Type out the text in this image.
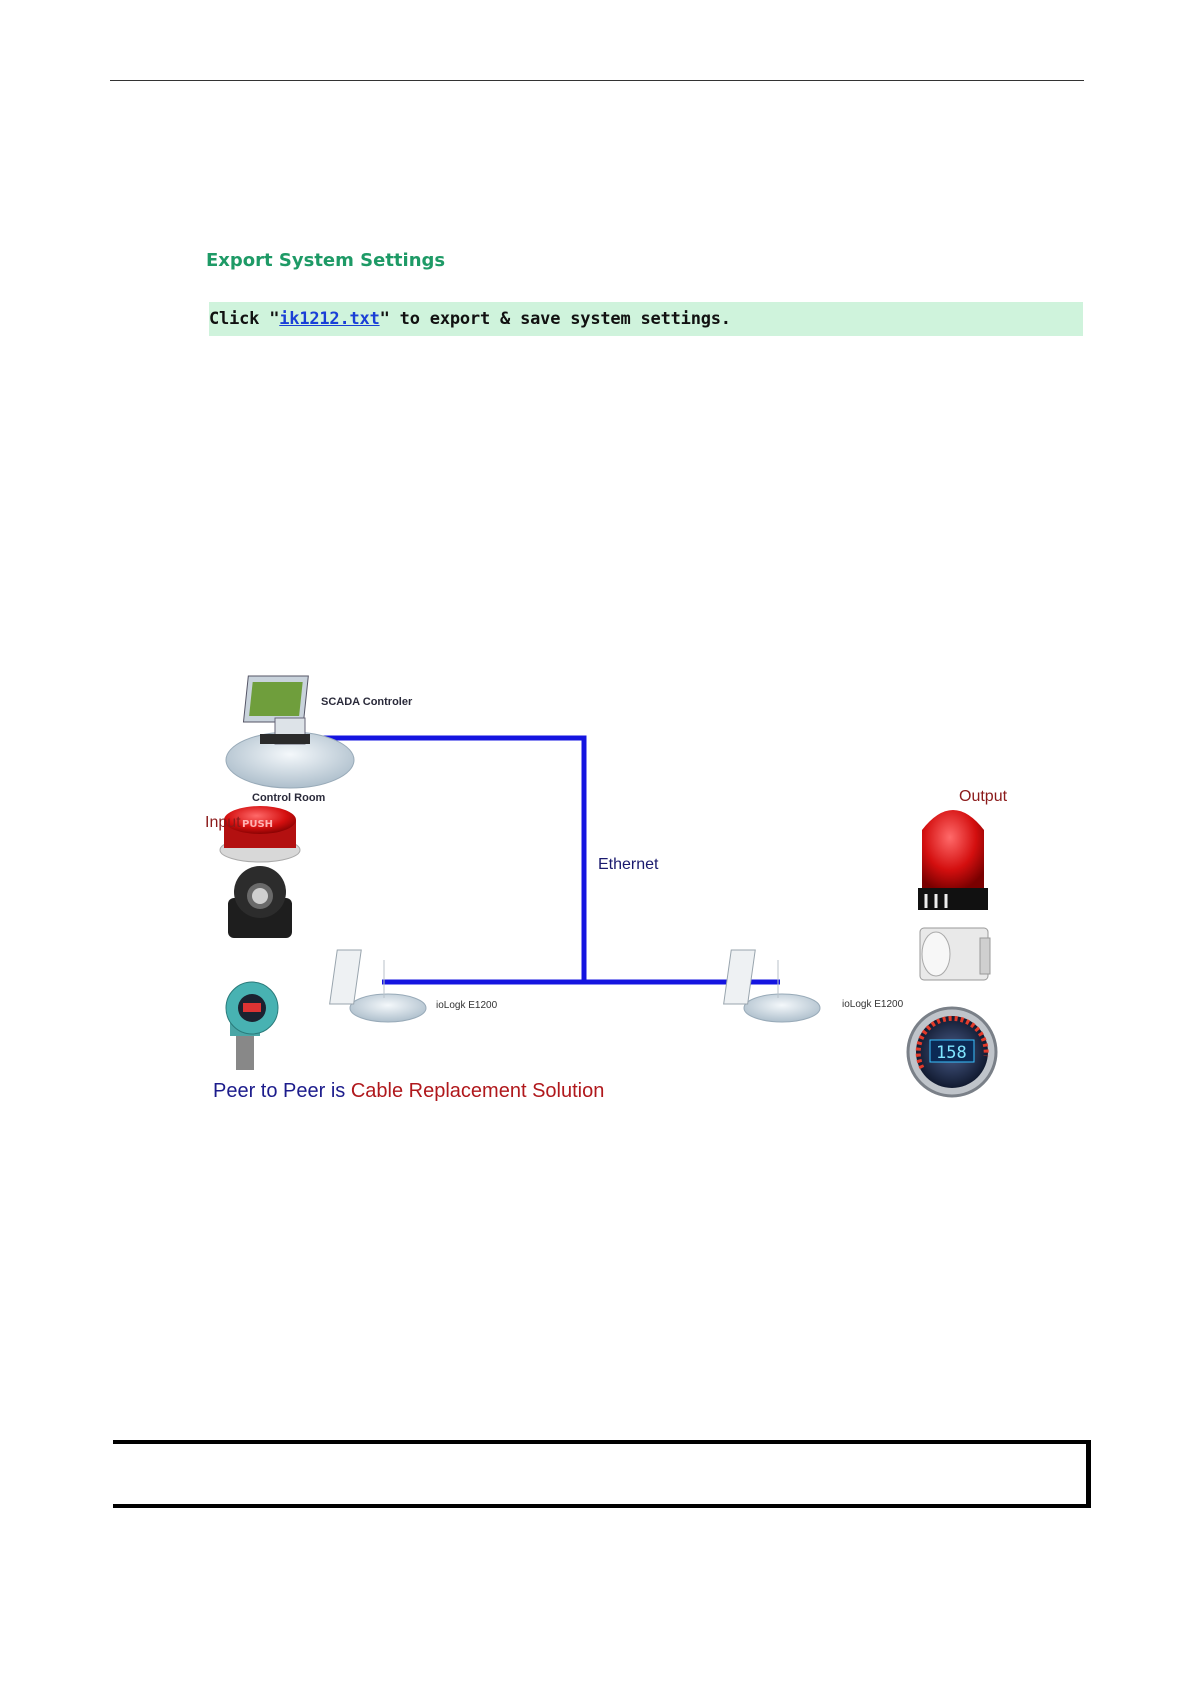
Export System Settings
Click "ik1212.txt" to export & save system settings.
PUSH
158
SCADA Controler
Control Room
Input
Output
Ethernet
ioLogk E1200	ioLogk E1200
Peer to Peer is Cable Replacement Solution
